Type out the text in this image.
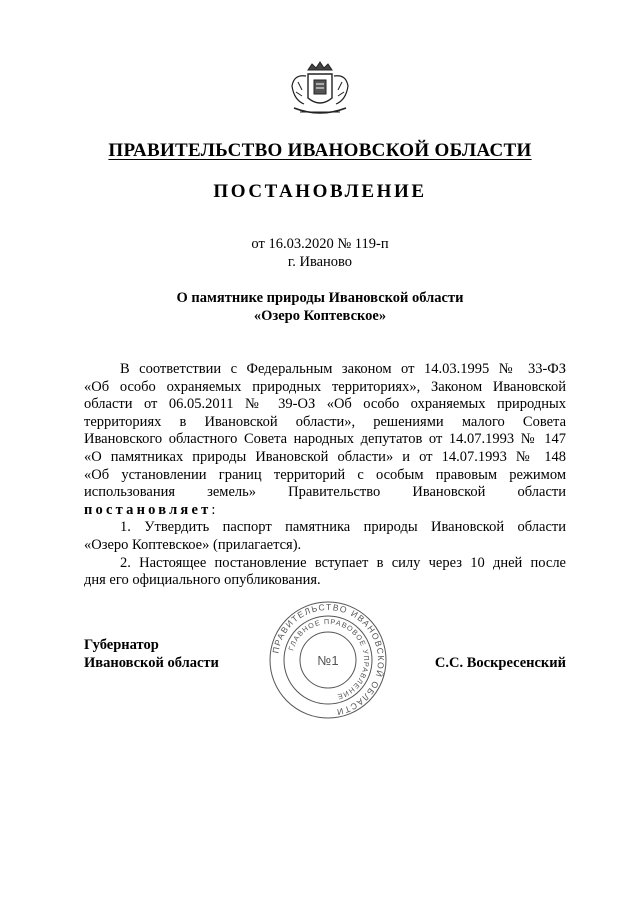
ПРАВИТЕЛЬСТВО ИВАНОВСКОЙ ОБЛАСТИ
ПОСТАНОВЛЕНИЕ
от 16.03.2020 № 119-п
г. Иваново
О памятнике природы Ивановской области
«Озеро Коптевское»
В соответствии с Федеральным законом от 14.03.1995 № 33-ФЗ
«Об особо охраняемых природных территориях», Законом Ивановской
области от 06.05.2011 № 39-ОЗ «Об особо охраняемых природных
территориях в Ивановской области», решениями малого Совета
Ивановского областного Совета народных депутатов от 14.07.1993 № 147
«О памятниках природы Ивановской области» и от 14.07.1993 № 148
«Об установлении границ территорий с особым правовым режимом
использования земель» Правительство Ивановской области
постановляет:
1. Утвердить паспорт памятника природы Ивановской области
«Озеро Коптевское» (прилагается).
2. Настоящее постановление вступает в силу через 10 дней после
дня его официального опубликования.
Губернатор
Ивановской области	С.С. Воскресенский
ПРАВИТЕЛЬСТВО ИВАНОВСКОЙ ОБЛАСТИ
ГЛАВНОЕ ПРАВОВОЕ УПРАВЛЕНИЕ
№1
